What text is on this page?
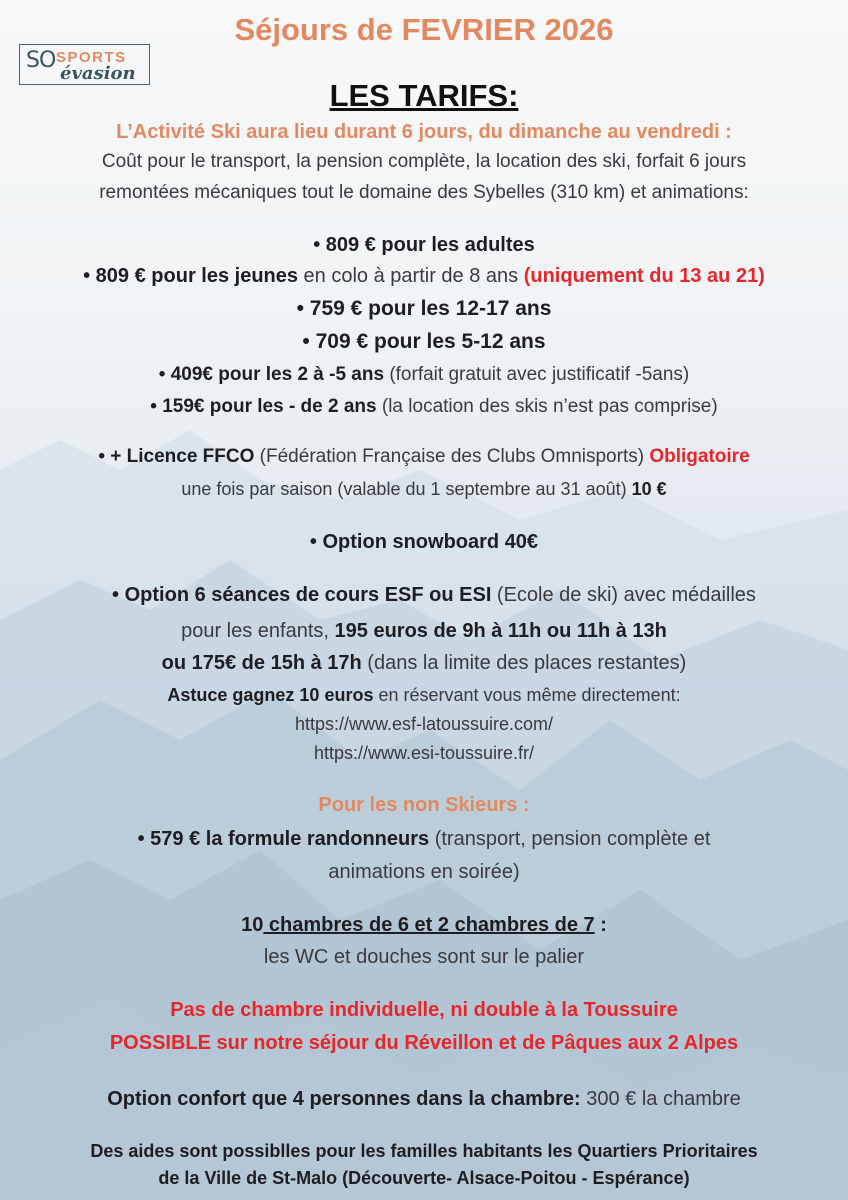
Séjours de FEVRIER 2026
SO SPORTS
évasion
LES TARIFS:
L’Activité Ski aura lieu durant 6 jours, du dimanche au vendredi :
Coût pour le transport, la pension complète, la location des ski, forfait 6 jours
remontées mécaniques tout le domaine des Sybelles (310 km) et animations:
• 809 € pour les adultes
• 809 € pour les jeunes en colo à partir de 8 ans (uniquement du 13 au 21)
• 759 € pour les 12-17 ans
• 709 € pour les 5-12 ans
• 409€ pour les 2 à -5 ans (forfait gratuit avec justificatif -5ans)
• 159€ pour les - de 2 ans (la location des skis n’est pas comprise)
• + Licence FFCO (Fédération Française des Clubs Omnisports) Obligatoire
une fois par saison (valable du 1 septembre au 31 août) 10 €
• Option snowboard 40€
• Option 6 séances de cours ESF ou ESI (Ecole de ski) avec médailles
pour les enfants, 195 euros de 9h à 11h ou 11h à 13h
ou 175€ de 15h à 17h (dans la limite des places restantes)
Astuce gagnez 10 euros en réservant vous même directement:
https://www.esf-latoussuire.com/
https://www.esi-toussuire.fr/
Pour les non Skieurs :
• 579 € la formule randonneurs (transport, pension complète et
animations en soirée)
10 chambres de 6 et 2 chambres de 7 :
les WC et douches sont sur le palier
Pas de chambre individuelle, ni double à la Toussuire
POSSIBLE sur notre séjour du Réveillon et de Pâques aux 2 Alpes
Option confort que 4 personnes dans la chambre: 300 € la chambre
Des aides sont possiblles pour les familles habitants les Quartiers Prioritaires
de la Ville de St-Malo (Découverte- Alsace-Poitou - Espérance)
